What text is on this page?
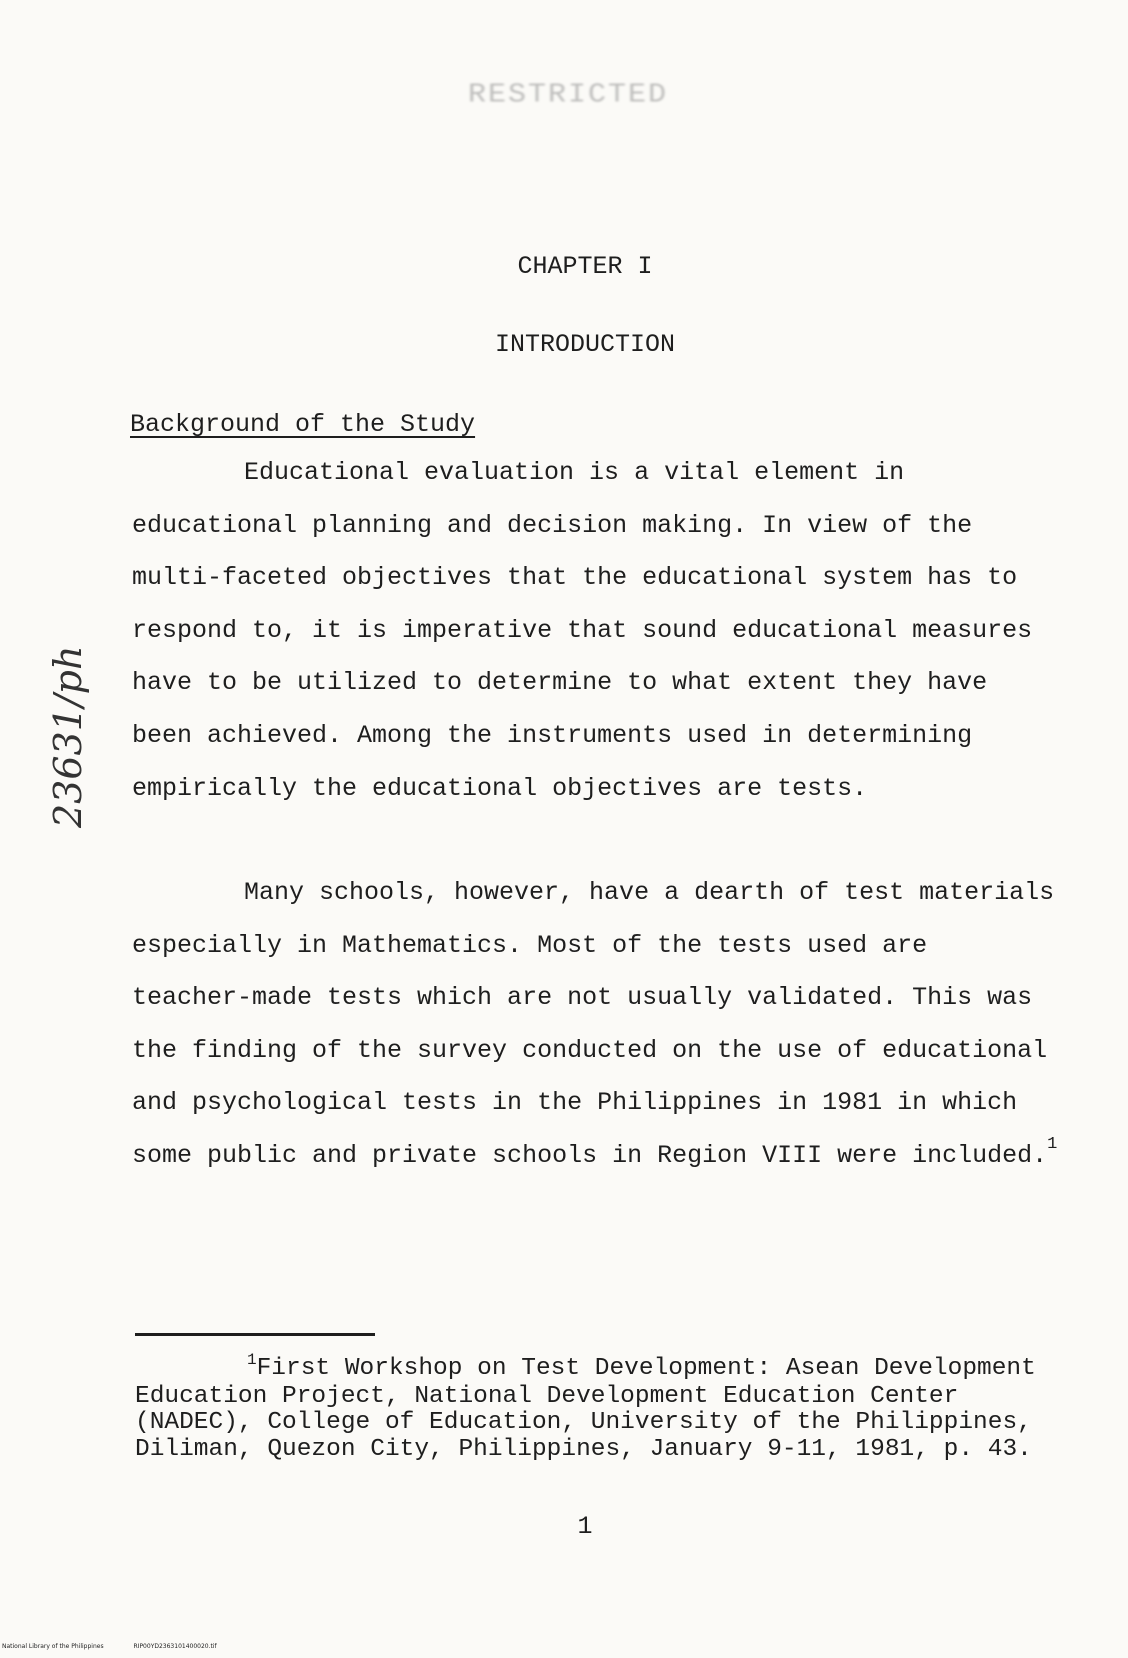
RESTRICTED
CHAPTER I
INTRODUCTION
Background of the Study

Educational evaluation is a vital element in educational planning and decision making. In view of the multi-faceted objectives that the educational system has to respond to, it is imperative that sound educational measures have to be utilized to determine to what extent they have been achieved. Among the instruments used in determining empirically the educational objectives are tests.

Many schools, however, have a dearth of test materials especially in Mathematics. Most of the tests used are teacher-made tests which are not usually validated. This was the finding of the survey conducted on the use of educational and psychological tests in the Philippines in 1981 in which some public and private schools in Region VIII were included.$^1$

$^1$First Workshop on Test Development: Asean Development Education Project, National Development Education Center (NADEC), College of Education, University of the Philippines, Diliman, Quezon City, Philippines, January 9-11, 1981, p. 43.

1
23631/ph
National Library of the Philippines	RIP00YD2363101400020.tif
